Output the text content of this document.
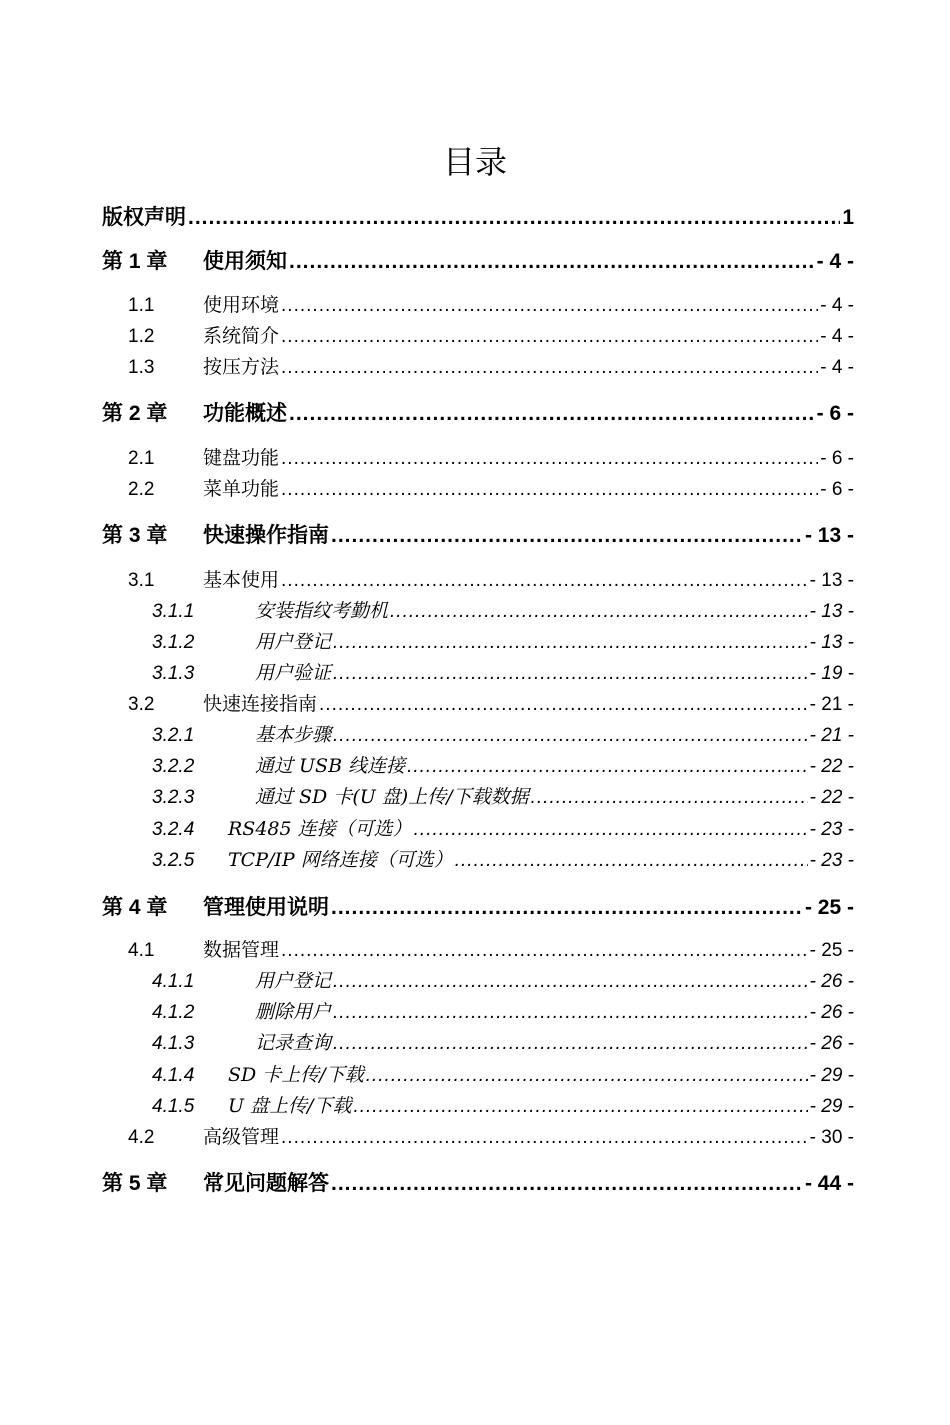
目录
版权声明 .....	1
第 1 章	使用须知 .....	- 4 -
1.1	使用环境 .....	- 4 -
1.2	系统简介 .....	- 4 -
1.3	按压方法 .....	- 4 -
第 2 章	功能概述 .....	- 6 -
2.1	键盘功能 .....	- 6 -
2.2	菜单功能 .....	- 6 -
第 3 章	快速操作指南 .....	- 13 -
3.1	基本使用 .....	- 13 -
3.1.1	安装指纹考勤机 .....	- 13 -
3.1.2	用户登记 .....	- 13 -
3.1.3	用户验证 .....	- 19 -
3.2	快速连接指南 .....	- 21 -
3.2.1	基本步骤 .....	- 21 -
3.2.2	通过 USB 线连接 .....	- 22 -
3.2.3	通过 SD 卡(U 盘)上传/下载数据 .....	- 22 -
3.2.4	RS485 连接（可选） .....	- 23 -
3.2.5	TCP/IP 网络连接（可选） .....	- 23 -
第 4 章	管理使用说明 .....	- 25 -
4.1	数据管理 .....	- 25 -
4.1.1	用户登记 .....	- 26 -
4.1.2	删除用户 .....	- 26 -
4.1.3	记录查询 .....	- 26 -
4.1.4	SD 卡上传/下载 .....	- 29 -
4.1.5	U 盘上传/下载 .....	- 29 -
4.2	高级管理 .....	- 30 -
第 5 章	常见问题解答 .....	- 44 -
